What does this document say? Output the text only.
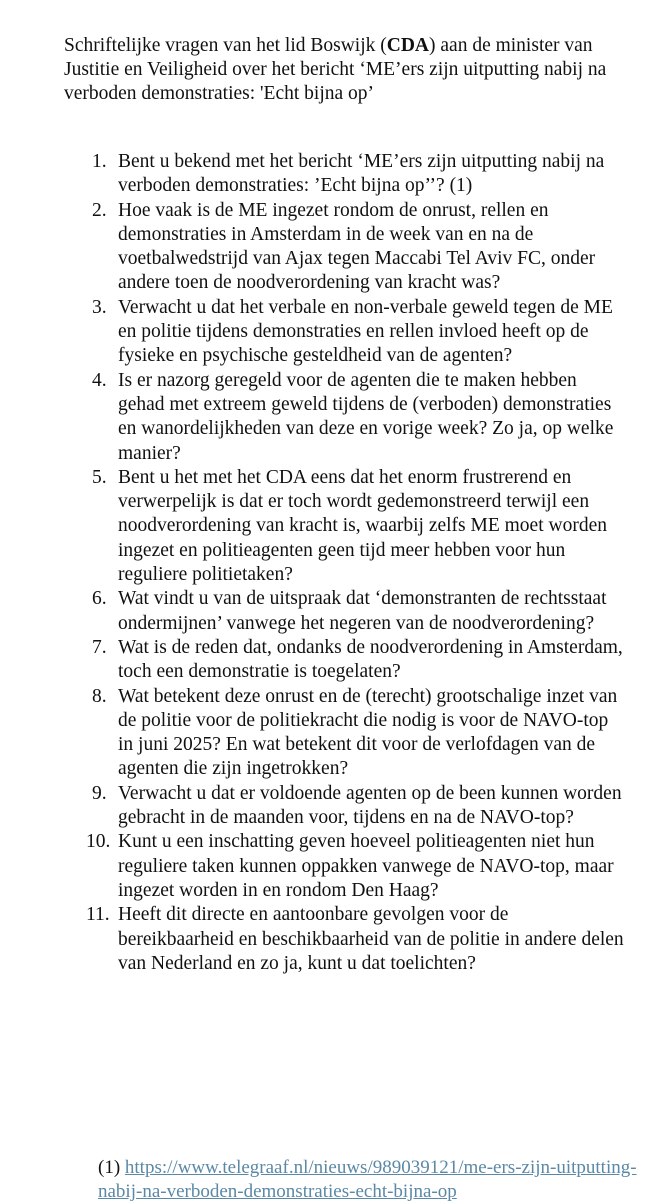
Schriftelijke vragen van het lid Boswijk (CDA) aan de minister van Justitie en Veiligheid over het bericht ‘ME’ers zijn uitputting nabij na verboden demonstraties: 'Echt bijna op’

1. Bent u bekend met het bericht ‘ME’ers zijn uitputting nabij na verboden demonstraties: ’Echt bijna op’’? (1)
2. Hoe vaak is de ME ingezet rondom de onrust, rellen en demonstraties in Amsterdam in de week van en na de voetbalwedstrijd van Ajax tegen Maccabi Tel Aviv FC, onder andere toen de noodverordening van kracht was?
3. Verwacht u dat het verbale en non-verbale geweld tegen de ME en politie tijdens demonstraties en rellen invloed heeft op de fysieke en psychische gesteldheid van de agenten?
4. Is er nazorg geregeld voor de agenten die te maken hebben gehad met extreem geweld tijdens de (verboden) demonstraties en wanordelijkheden van deze en vorige week? Zo ja, op welke manier?
5. Bent u het met het CDA eens dat het enorm frustrerend en verwerpelijk is dat er toch wordt gedemonstreerd terwijl een noodverordening van kracht is, waarbij zelfs ME moet worden ingezet en politieagenten geen tijd meer hebben voor hun reguliere politietaken?
6. Wat vindt u van de uitspraak dat ‘demonstranten de rechtsstaat ondermijnen’ vanwege het negeren van de noodverordening?
7. Wat is de reden dat, ondanks de noodverordening in Amsterdam, toch een demonstratie is toegelaten?
8. Wat betekent deze onrust en de (terecht) grootschalige inzet van de politie voor de politiekracht die nodig is voor de NAVO-top in juni 2025? En wat betekent dit voor de verlofdagen van de agenten die zijn ingetrokken?
9. Verwacht u dat er voldoende agenten op de been kunnen worden gebracht in de maanden voor, tijdens en na de NAVO-top?
10. Kunt u een inschatting geven hoeveel politieagenten niet hun reguliere taken kunnen oppakken vanwege de NAVO-top, maar ingezet worden in en rondom Den Haag?
11. Heeft dit directe en aantoonbare gevolgen voor de bereikbaarheid en beschikbaarheid van de politie in andere delen van Nederland en zo ja, kunt u dat toelichten?

(1) https://www.telegraaf.nl/nieuws/989039121/me-ers-zijn-uitputting-nabij-na-verboden-demonstraties-echt-bijna-op
